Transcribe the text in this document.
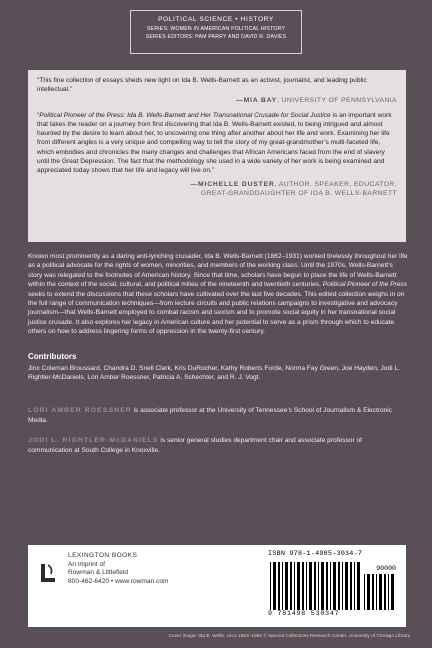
POLITICAL SCIENCE • HISTORY
SERIES: WOMEN IN AMERICAN POLITICAL HISTORY
SERIES EDITORS: PAM PARRY AND DAVID R. DAVIES

“This fine collection of essays sheds new light on Ida B. Wells-Barnett as an activist, journalist, and leading public intellectual.”

—MIA BAY, UNIVERSITY OF PENNSYLVANIA

“Political Pioneer of the Press: Ida B. Wells-Barnett and Her Transnational Crusade for Social Justice is an important work that takes the reader on a journey from first discovering that Ida B. Wells-Barnett existed, to being intrigued and almost haunted by the desire to learn about her, to uncovering one thing after another about her life and work. Examining her life from different angles is a very unique and compelling way to tell the story of my great-grandmother’s multi-faceted life, which embodies and chronicles the many changes and challenges that African Americans faced from the end of slavery until the Great Depression. The fact that the methodology she used in a wide variety of her work is being examined and appreciated today shows that her life and legacy will live on.”

—MICHELLE DUSTER, AUTHOR, SPEAKER, EDUCATOR,
GREAT-GRANDDAUGHTER OF IDA B. WELLS-BARNETT

Known most prominently as a daring anti-lynching crusader, Ida B. Wells-Barnett (1862–1931) worked tirelessly throughout her life as a political advocate for the rights of women, minorities, and members of the working class. Until the 1970s, Wells-Barnett’s story was relegated to the footnotes of American history. Since that time, scholars have begun to place the life of Wells-Barnett within the context of the social, cultural, and political milieu of the nineteenth and twentieth centuries. Political Pioneer of the Press seeks to extend the discussions that these scholars have cultivated over the last five decades. This edited collection weighs in on the full range of communication techniques—from lecture circuits and public relations campaigns to investigative and advocacy journalism—that Wells-Barnett employed to combat racism and sexism and to promote social equity in her transnational social justice crusade. It also explores her legacy in American culture and her potential to serve as a prism through which to educate others on how to address lingering forms of oppression in the twenty-first century.

Contributors

Jinx Coleman Broussard, Chandra D. Snell Clark, Kris DuRocher, Kathy Roberts Forde, Norma Fay Green, Joe Hayden, Jodi L. Rightler-McDaniels, Lori Amber Roessner, Patricia A. Schechter, and R. J. Vogt.

LORI AMBER ROESSNER is associate professor at the University of Tennessee’s School of Journalism & Electronic Media.

JODI L. RIGHTLER-McDANIELS is senior general studies department chair and associate professor of communication at South College in Knoxville.

LEXINGTON BOOKS
An imprint of
Rowman & Littlefield
800-462-6420 • www.rowman.com
ISBN 978-1-4985-3034-7
90000
9 781498 530347
Cover image: Ida B. Wells, circa 1893–1894 © Special Collections Research Center, University of Chicago Library
